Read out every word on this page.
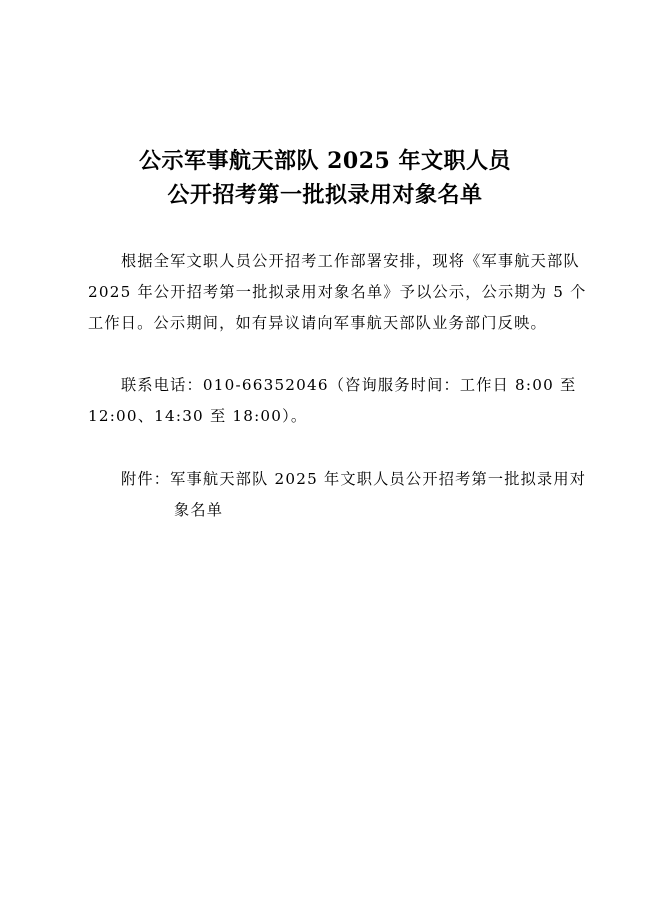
公示军事航天部队 2025 年文职人员
公开招考第一批拟录用对象名单
根据全军文职人员公开招考工作部署安排，现将《军事航天部队 2025 年公开招考第一批拟录用对象名单》予以公示，公示期为 5 个工作日。公示期间，如有异议请向军事航天部队业务部门反映。
联系电话：010-66352046（咨询服务时间：工作日 8:00 至 12:00、14:30 至 18:00）。
附件：军事航天部队 2025 年文职人员公开招考第一批拟录用对象名单
